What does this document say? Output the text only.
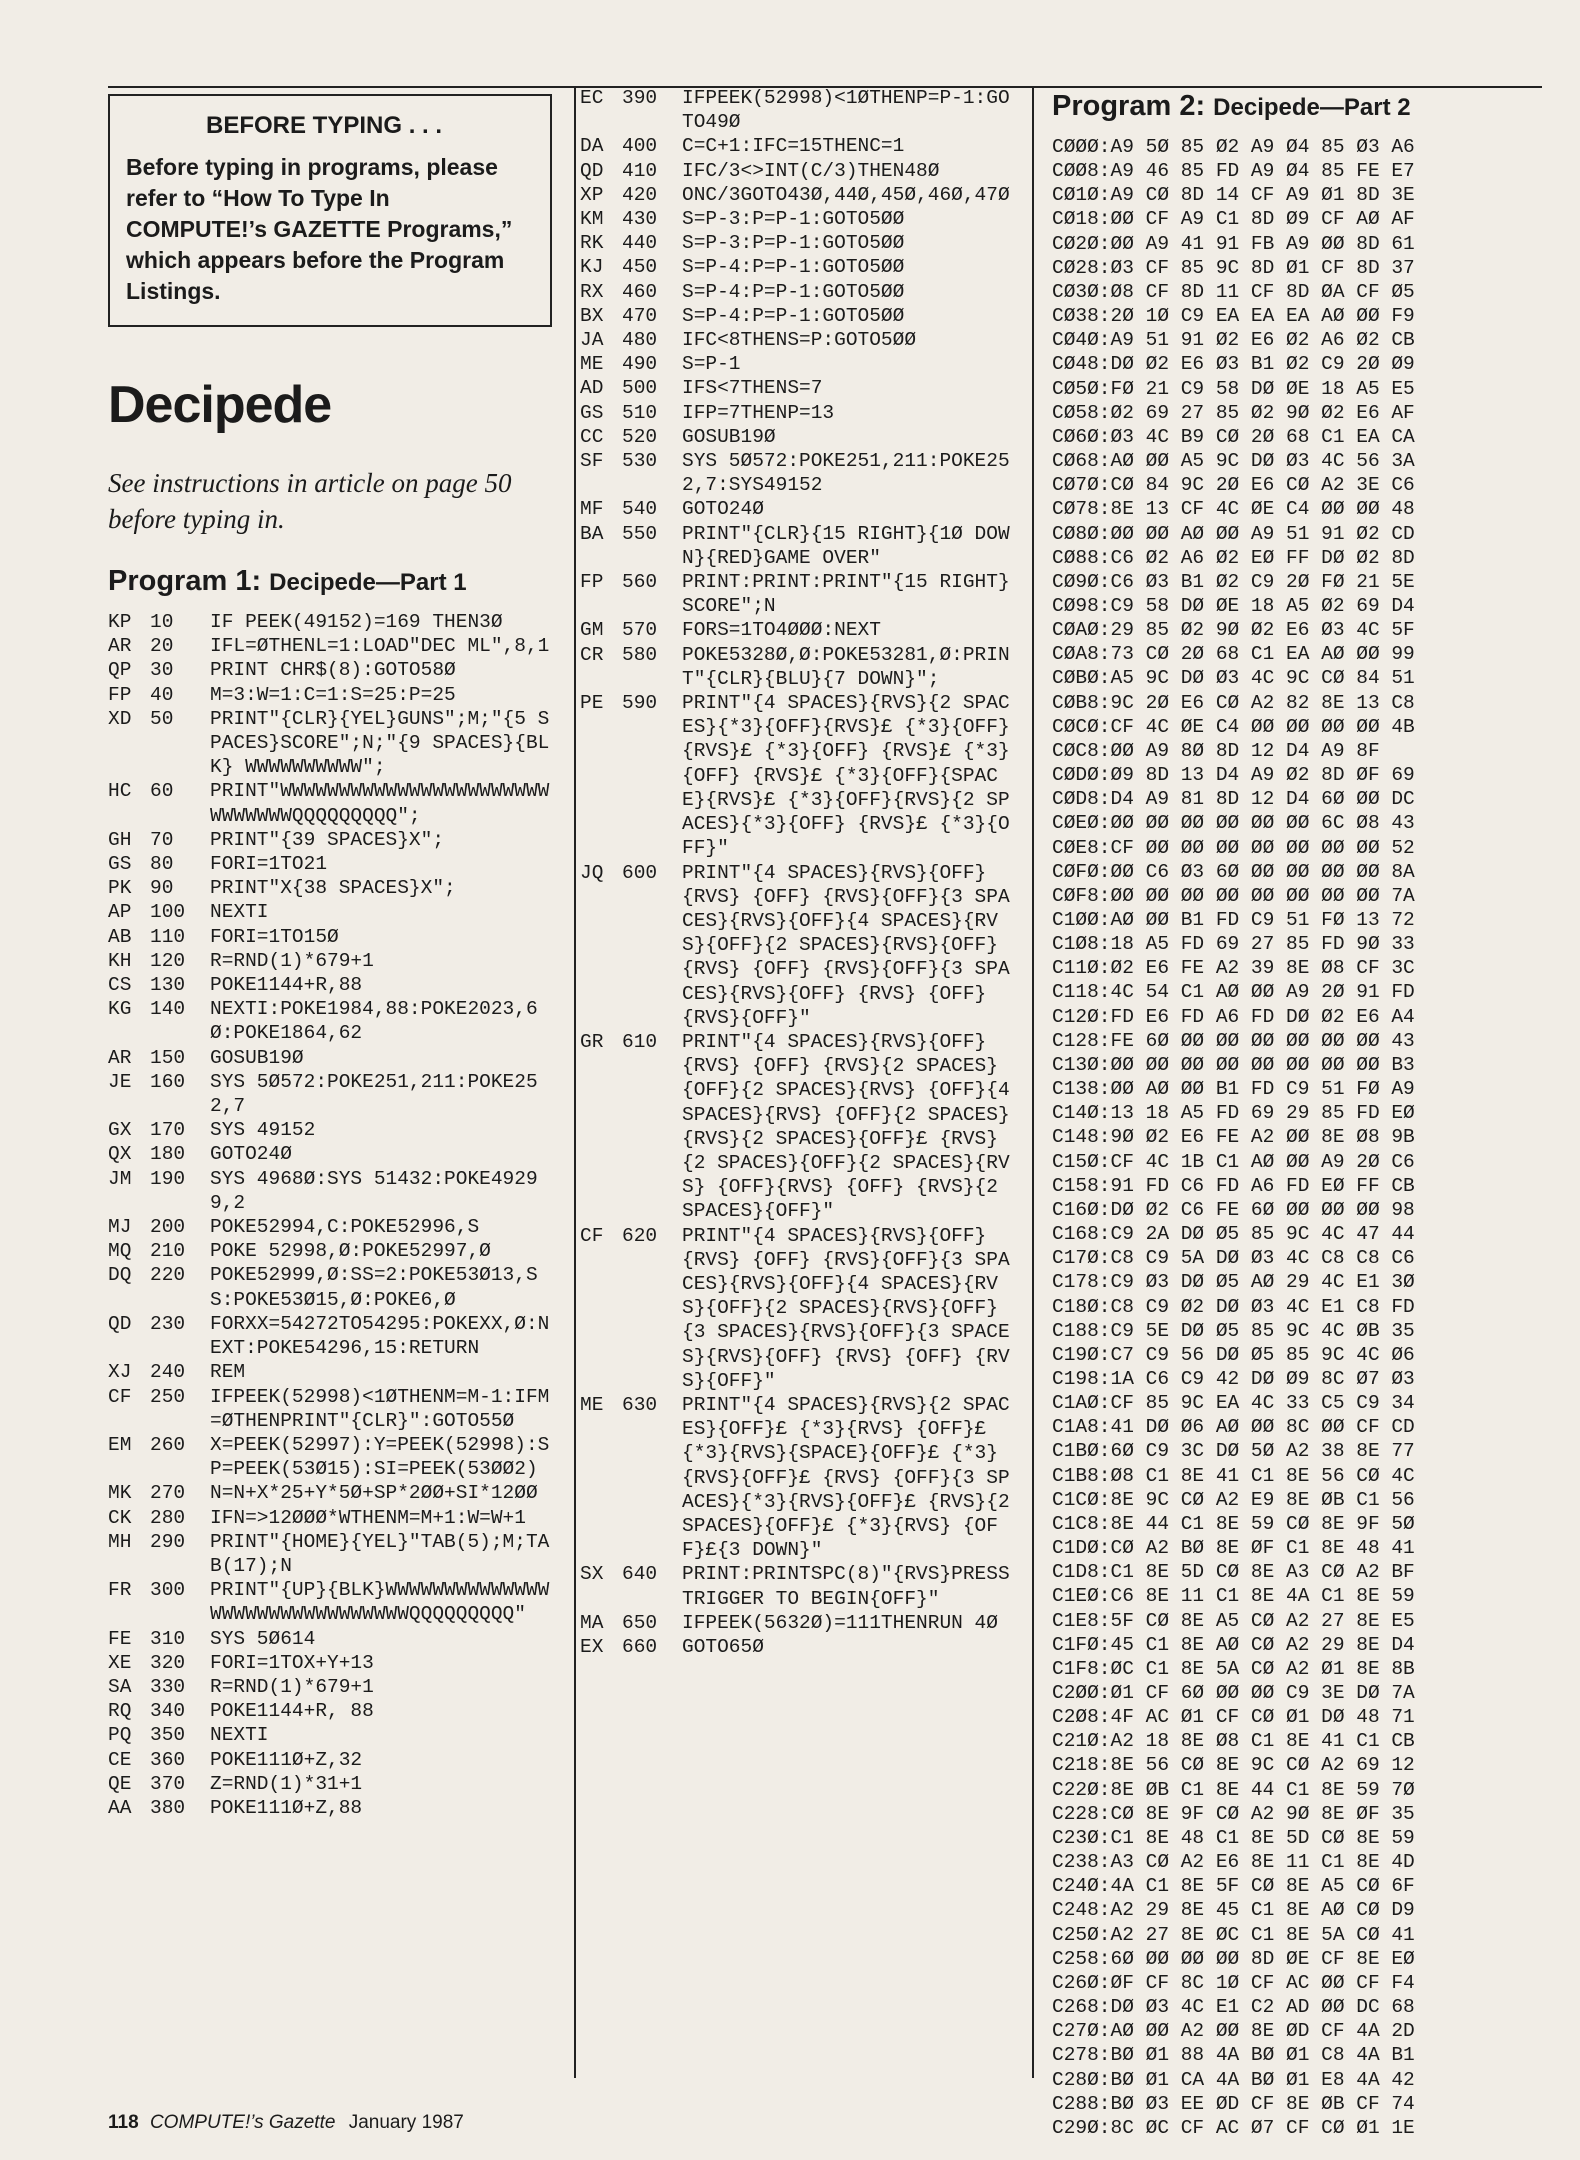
BEFORE TYPING . . .
Before typing in programs, please refer to “How To Type In COMPUTE!’s GAZETTE Programs,” which appears before the Program Listings.
Decipede
See instructions in article on page 50 before typing in.
Program 1: Decipede—Part 1
KP 10	IF PEEK(49152)=169 THEN3Ø
AR 20	IFL=ØTHENL=1:LOAD"DEC ML",8,1
QP 30	PRINT CHR$(8):GOTO58Ø
FP 40	M=3:W=1:C=1:S=25:P=25
XD 50	PRINT"{CLR}{YEL}GUNS";M;"{5 SPACES}SCORE";N;"{9 SPACES}{BLK} WWWWWWWWWW";
HC 60	PRINT"WWWWWWWWWWWWWWWWWWWWWWWWWWWWWWQQQQQQQQQ";
GH 70	PRINT"{39 SPACES}X";
GS 80	FORI=1TO21
PK 90	PRINT"X{38 SPACES}X";
AP 100	NEXTI
AB 110	FORI=1TO15Ø
KH 120	R=RND(1)*679+1
CS 130	POKE1144+R,88
KG 140	NEXTI:POKE1984,88:POKE2023,6Ø:POKE1864,62
AR 150	GOSUB19Ø
JE 160	SYS 5Ø572:POKE251,211:POKE252,7
GX 170	SYS 49152
QX 180	GOTO24Ø
JM 190	SYS 4968Ø:SYS 51432:POKE49299,2
MJ 200	POKE52994,C:POKE52996,S
MQ 210	POKE 52998,Ø:POKE52997,Ø
DQ 220	POKE52999,Ø:SS=2:POKE53Ø13,SS:POKE53Ø15,Ø:POKE6,Ø
QD 230	FORXX=54272TO54295:POKEXX,Ø:NEXT:POKE54296,15:RETURN
XJ 240	REM
CF 250	IFPEEK(52998)<1ØTHENM=M-1:IFM=ØTHENPRINT"{CLR}":GOTO55Ø
EM 260	X=PEEK(52997):Y=PEEK(52998):SP=PEEK(53Ø15):SI=PEEK(53ØØ2)
MK 270	N=N+X*25+Y*5Ø+SP*2ØØ+SI*12ØØ
CK 280	IFN=>12ØØØ*WTHENM=M+1:W=W+1
MH 290	PRINT"{HOME}{YEL}"TAB(5);M;TAB(17);N
FR 300	PRINT"{UP}{BLK}WWWWWWWWWWWWWWWWWWWWWWWWWWWWWWWQQQQQQQQQ"
FE 310	SYS 5Ø614
XE 320	FORI=1TOX+Y+13
SA 330	R=RND(1)*679+1
RQ 340	POKE1144+R, 88
PQ 350	NEXTI
CE 360	POKE111Ø+Z,32
QE 370	Z=RND(1)*31+1
AA 380	POKE111Ø+Z,88
EC 390	IFPEEK(52998)<1ØTHENP=P-1:GOTO49Ø
DA 400	C=C+1:IFC=15THENC=1
QD 410	IFC/3<>INT(C/3)THEN48Ø
XP 420	ONC/3GOTO43Ø,44Ø,45Ø,46Ø,47Ø
KM 430	S=P-3:P=P-1:GOTO5ØØ
RK 440	S=P-3:P=P-1:GOTO5ØØ
KJ 450	S=P-4:P=P-1:GOTO5ØØ
RX 460	S=P-4:P=P-1:GOTO5ØØ
BX 470	S=P-4:P=P-1:GOTO5ØØ
JA 480	IFC<8THENS=P:GOTO5ØØ
ME 490	S=P-1
AD 500	IFS<7THENS=7
GS 510	IFP=7THENP=13
CC 520	GOSUB19Ø
SF 530	SYS 5Ø572:POKE251,211:POKE252,7:SYS49152
MF 540	GOTO24Ø
BA 550	PRINT"{CLR}{15 RIGHT}{1Ø DOWN}{RED}GAME OVER"
FP 560	PRINT:PRINT:PRINT"{15 RIGHT}SCORE";N
GM 570	FORS=1TO4ØØØ:NEXT
CR 580	POKE5328Ø,Ø:POKE53281,Ø:PRINT"{CLR}{BLU}{7 DOWN}";
PE 590	PRINT"{4 SPACES}{RVS}{2 SPACES}{*3}{OFF}{RVS}£ {*3}{OFF} {RVS}£ {*3}{OFF} {RVS}£ {*3}{OFF} {RVS}£ {*3}{OFF}{SPACE}{RVS}£ {*3}{OFF}{RVS}{2 SPACES}{*3}{OFF} {RVS}£ {*3}{OFF}"
JQ 600	PRINT"{4 SPACES}{RVS}{OFF} {RVS} {OFF} {RVS}{OFF}{3 SPACES}{RVS}{OFF}{4 SPACES}{RVS}{OFF}{2 SPACES}{RVS}{OFF} {RVS} {OFF} {RVS}{OFF}{3 SPACES}{RVS}{OFF} {RVS} {OFF} {RVS}{OFF}"
GR 610	PRINT"{4 SPACES}{RVS}{OFF} {RVS} {OFF} {RVS}{2 SPACES}{OFF}{2 SPACES}{RVS} {OFF}{4 SPACES}{RVS} {OFF}{2 SPACES}{RVS}{2 SPACES}{OFF}£ {RVS}{2 SPACES}{OFF}{2 SPACES}{RVS} {OFF}{RVS} {OFF} {RVS}{2 SPACES}{OFF}"
CF 620	PRINT"{4 SPACES}{RVS}{OFF} {RVS} {OFF} {RVS}{OFF}{3 SPACES}{RVS}{OFF}{4 SPACES}{RVS}{OFF}{2 SPACES}{RVS}{OFF}{3 SPACES}{RVS}{OFF}{3 SPACES}{RVS}{OFF} {RVS} {OFF} {RVS}{OFF}"
ME 630	PRINT"{4 SPACES}{RVS}{2 SPACES}{OFF}£ {*3}{RVS} {OFF}£ {*3}{RVS}{SPACE}{OFF}£ {*3}{RVS}{OFF}£ {RVS} {OFF}{3 SPACES}{*3}{RVS}{OFF}£ {RVS}{2 SPACES}{OFF}£ {*3}{RVS} {OFF}£{3 DOWN}"
SX 640	PRINT:PRINTSPC(8)"{RVS}PRESS TRIGGER TO BEGIN{OFF}"
MA 650	IFPEEK(5632Ø)=111THENRUN 4Ø
EX 660	GOTO65Ø
Program 2: Decipede—Part 2
CØØØ:A9 5Ø 85 Ø2 A9 Ø4 85 Ø3 A6
CØØ8:A9 46 85 FD A9 Ø4 85 FE E7
CØ1Ø:A9 CØ 8D 14 CF A9 Ø1 8D 3E
CØ18:ØØ CF A9 C1 8D Ø9 CF AØ AF
CØ2Ø:ØØ A9 41 91 FB A9 ØØ 8D 61
CØ28:Ø3 CF 85 9C 8D Ø1 CF 8D 37
CØ3Ø:Ø8 CF 8D 11 CF 8D ØA CF Ø5
CØ38:2Ø 1Ø C9 EA EA EA AØ ØØ F9
CØ4Ø:A9 51 91 Ø2 E6 Ø2 A6 Ø2 CB
CØ48:DØ Ø2 E6 Ø3 B1 Ø2 C9 2Ø Ø9
CØ5Ø:FØ 21 C9 58 DØ ØE 18 A5 E5
CØ58:Ø2 69 27 85 Ø2 9Ø Ø2 E6 AF
CØ6Ø:Ø3 4C B9 CØ 2Ø 68 C1 EA CA
CØ68:AØ ØØ A5 9C DØ Ø3 4C 56 3A
CØ7Ø:CØ 84 9C 2Ø E6 CØ A2 3E C6
CØ78:8E 13 CF 4C ØE C4 ØØ ØØ 48
CØ8Ø:ØØ ØØ AØ ØØ A9 51 91 Ø2 CD
CØ88:C6 Ø2 A6 Ø2 EØ FF DØ Ø2 8D
CØ9Ø:C6 Ø3 B1 Ø2 C9 2Ø FØ 21 5E
CØ98:C9 58 DØ ØE 18 A5 Ø2 69 D4
CØAØ:29 85 Ø2 9Ø Ø2 E6 Ø3 4C 5F
CØA8:73 CØ 2Ø 68 C1 EA AØ ØØ 99
CØBØ:A5 9C DØ Ø3 4C 9C CØ 84 51
CØB8:9C 2Ø E6 CØ A2 82 8E 13 C8
CØCØ:CF 4C ØE C4 ØØ ØØ ØØ ØØ 4B
CØC8:ØØ A9 8Ø 8D 12 D4 A9 8F
CØDØ:Ø9 8D 13 D4 A9 Ø2 8D ØF 69
CØD8:D4 A9 81 8D 12 D4 6Ø ØØ DC
CØEØ:ØØ ØØ ØØ ØØ ØØ ØØ 6C Ø8 43
CØE8:CF ØØ ØØ ØØ ØØ ØØ ØØ ØØ 52
CØFØ:ØØ C6 Ø3 6Ø ØØ ØØ ØØ ØØ 8A
CØF8:ØØ ØØ ØØ ØØ ØØ ØØ ØØ ØØ 7A
C1ØØ:AØ ØØ B1 FD C9 51 FØ 13 72
C1Ø8:18 A5 FD 69 27 85 FD 9Ø 33
C11Ø:Ø2 E6 FE A2 39 8E Ø8 CF 3C
C118:4C 54 C1 AØ ØØ A9 2Ø 91 FD
C12Ø:FD E6 FD A6 FD DØ Ø2 E6 A4
C128:FE 6Ø ØØ ØØ ØØ ØØ ØØ ØØ 43
C13Ø:ØØ ØØ ØØ ØØ ØØ ØØ ØØ ØØ B3
C138:ØØ AØ ØØ B1 FD C9 51 FØ A9
C14Ø:13 18 A5 FD 69 29 85 FD EØ
C148:9Ø Ø2 E6 FE A2 ØØ 8E Ø8 9B
C15Ø:CF 4C 1B C1 AØ ØØ A9 2Ø C6
C158:91 FD C6 FD A6 FD EØ FF CB
C16Ø:DØ Ø2 C6 FE 6Ø ØØ ØØ ØØ 98
C168:C9 2A DØ Ø5 85 9C 4C 47 44
C17Ø:C8 C9 5A DØ Ø3 4C C8 C8 C6
C178:C9 Ø3 DØ Ø5 AØ 29 4C E1 3Ø
C18Ø:C8 C9 Ø2 DØ Ø3 4C E1 C8 FD
C188:C9 5E DØ Ø5 85 9C 4C ØB 35
C19Ø:C7 C9 56 DØ Ø5 85 9C 4C Ø6
C198:1A C6 C9 42 DØ Ø9 8C Ø7 Ø3
C1AØ:CF 85 9C EA 4C 33 C5 C9 34
C1A8:41 DØ Ø6 AØ ØØ 8C ØØ CF CD
C1BØ:6Ø C9 3C DØ 5Ø A2 38 8E 77
C1B8:Ø8 C1 8E 41 C1 8E 56 CØ 4C
C1CØ:8E 9C CØ A2 E9 8E ØB C1 56
C1C8:8E 44 C1 8E 59 CØ 8E 9F 5Ø
C1DØ:CØ A2 BØ 8E ØF C1 8E 48 41
C1D8:C1 8E 5D CØ 8E A3 CØ A2 BF
C1EØ:C6 8E 11 C1 8E 4A C1 8E 59
C1E8:5F CØ 8E A5 CØ A2 27 8E E5
C1FØ:45 C1 8E AØ CØ A2 29 8E D4
C1F8:ØC C1 8E 5A CØ A2 Ø1 8E 8B
C2ØØ:Ø1 CF 6Ø ØØ ØØ C9 3E DØ 7A
C2Ø8:4F AC Ø1 CF CØ Ø1 DØ 48 71
C21Ø:A2 18 8E Ø8 C1 8E 41 C1 CB
C218:8E 56 CØ 8E 9C CØ A2 69 12
C22Ø:8E ØB C1 8E 44 C1 8E 59 7Ø
C228:CØ 8E 9F CØ A2 9Ø 8E ØF 35
C23Ø:C1 8E 48 C1 8E 5D CØ 8E 59
C238:A3 CØ A2 E6 8E 11 C1 8E 4D
C24Ø:4A C1 8E 5F CØ 8E A5 CØ 6F
C248:A2 29 8E 45 C1 8E AØ CØ D9
C25Ø:A2 27 8E ØC C1 8E 5A CØ 41
C258:6Ø ØØ ØØ ØØ 8D ØE CF 8E EØ
C26Ø:ØF CF 8C 1Ø CF AC ØØ CF F4
C268:DØ Ø3 4C E1 C2 AD ØØ DC 68
C27Ø:AØ ØØ A2 ØØ 8E ØD CF 4A 2D
C278:BØ Ø1 88 4A BØ Ø1 C8 4A B1
C28Ø:BØ Ø1 CA 4A BØ Ø1 E8 4A 42
C288:BØ Ø3 EE ØD CF 8E ØB CF 74
C29Ø:8C ØC CF AC Ø7 CF CØ Ø1 1E
118 COMPUTE!’s Gazette January 1987
